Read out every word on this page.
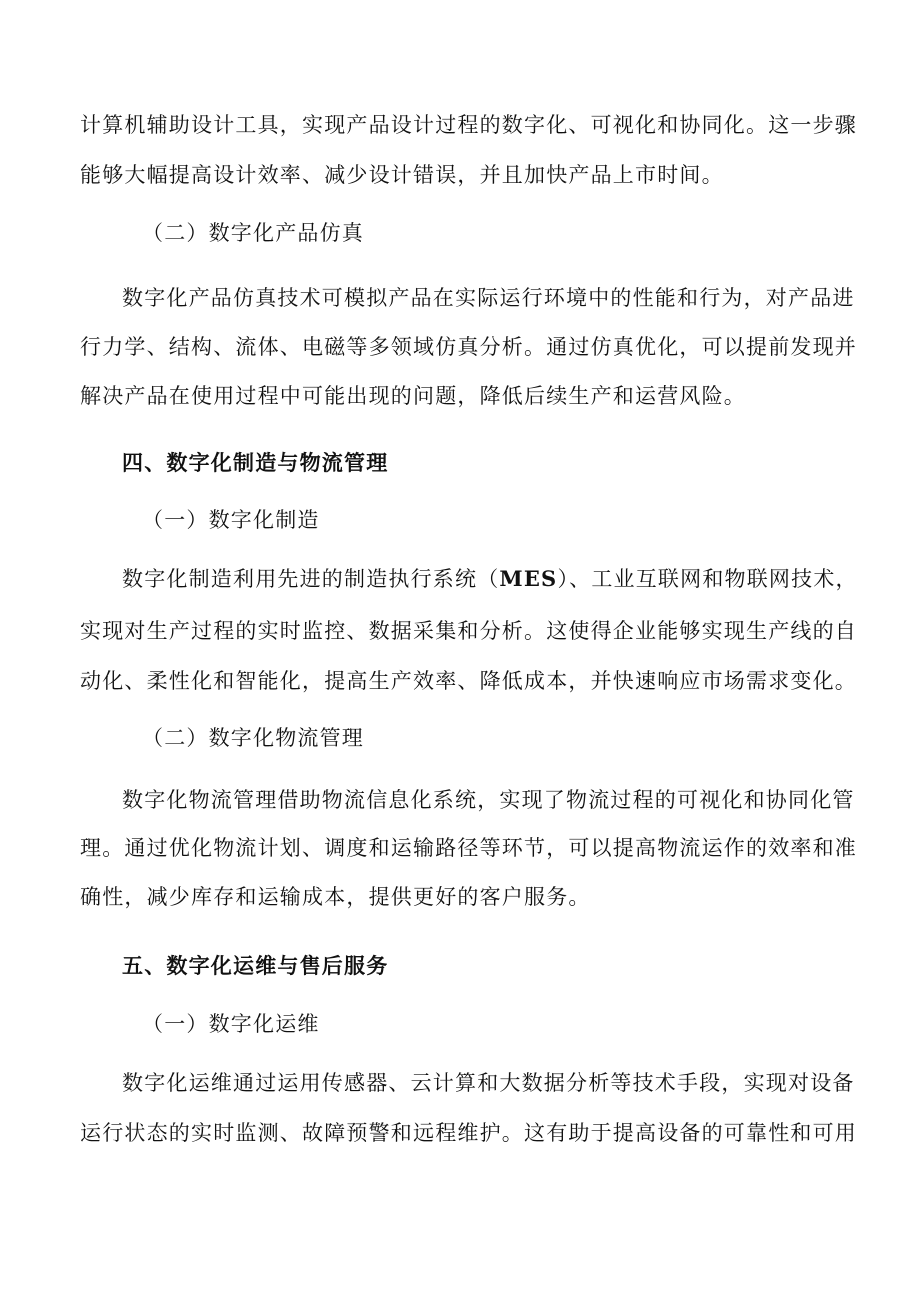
计算机辅助设计工具，实现产品设计过程的数字化、可视化和协同化。这一步骤
能够大幅提高设计效率、减少设计错误，并且加快产品上市时间。
（二）数字化产品仿真
数字化产品仿真技术可模拟产品在实际运行环境中的性能和行为，对产品进
行力学、结构、流体、电磁等多领域仿真分析。通过仿真优化，可以提前发现并
解决产品在使用过程中可能出现的问题，降低后续生产和运营风险。
四、数字化制造与物流管理
（一）数字化制造
数字化制造利用先进的制造执行系统（MES）、工业互联网和物联网技术，
实现对生产过程的实时监控、数据采集和分析。这使得企业能够实现生产线的自
动化、柔性化和智能化，提高生产效率、降低成本，并快速响应市场需求变化。
（二）数字化物流管理
数字化物流管理借助物流信息化系统，实现了物流过程的可视化和协同化管
理。通过优化物流计划、调度和运输路径等环节，可以提高物流运作的效率和准
确性，减少库存和运输成本，提供更好的客户服务。
五、数字化运维与售后服务
（一）数字化运维
数字化运维通过运用传感器、云计算和大数据分析等技术手段，实现对设备
运行状态的实时监测、故障预警和远程维护。这有助于提高设备的可靠性和可用
